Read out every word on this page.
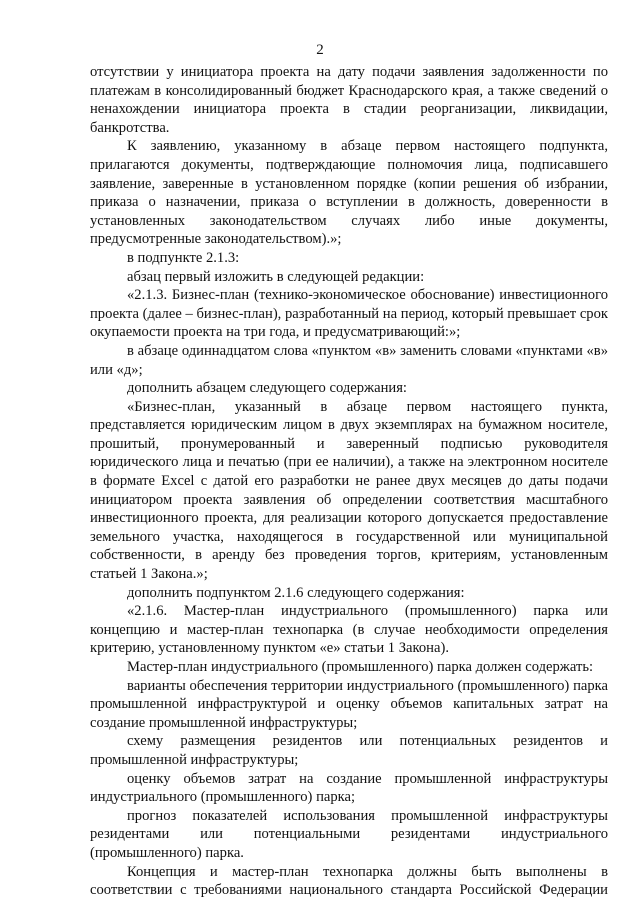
2

отсутствии у инициатора проекта на дату подачи заявления задолженности по платежам в консолидированный бюджет Краснодарского края, а также сведений о ненахождении инициатора проекта в стадии реорганизации, ликвидации, банкротства.

К заявлению, указанному в абзаце первом настоящего подпункта, прилагаются документы, подтверждающие полномочия лица, подписавшего заявление, заверенные в установленном порядке (копии решения об избрании, приказа о назначении, приказа о вступлении в должность, доверенности в установленных законодательством случаях либо иные документы, предусмотренные законодательством).»;

в подпункте 2.1.3:

абзац первый изложить в следующей редакции:

«2.1.3. Бизнес-план (технико-экономическое обоснование) инвестиционного проекта (далее – бизнес-план), разработанный на период, который превышает срок окупаемости проекта на три года, и предусматривающий:»;

в абзаце одиннадцатом слова «пунктом «в» заменить словами «пунктами «в» или «д»;

дополнить абзацем следующего содержания:

«Бизнес-план, указанный в абзаце первом настоящего пункта, представляется юридическим лицом в двух экземплярах на бумажном носителе, прошитый, пронумерованный и заверенный подписью руководителя юридического лица и печатью (при ее наличии), а также на электронном носителе в формате Excel с датой его разработки не ранее двух месяцев до даты подачи инициатором проекта заявления об определении соответствия масштабного инвестиционного проекта, для реализации которого допускается предоставление земельного участка, находящегося в государственной или муниципальной собственности, в аренду без проведения торгов, критериям, установленным статьей 1 Закона.»;

дополнить подпунктом 2.1.6 следующего содержания:

«2.1.6. Мастер-план индустриального (промышленного) парка или концепцию и мастер-план технопарка (в случае необходимости определения критерию, установленному пунктом «е» статьи 1 Закона).

Мастер-план индустриального (промышленного) парка должен содержать:

варианты обеспечения территории индустриального (промышленного) парка промышленной инфраструктурой и оценку объемов капитальных затрат на создание промышленной инфраструктуры;

схему размещения резидентов или потенциальных резидентов и промышленной инфраструктуры;

оценку объемов затрат на создание промышленной инфраструктуры индустриального (промышленного) парка;

прогноз показателей использования промышленной инфраструктуры резидентами или потенциальными резидентами индустриального (промышленного) парка.

Концепция и мастер-план технопарка должны быть выполнены в соответствии с требованиями национального стандарта Российской Федерации
